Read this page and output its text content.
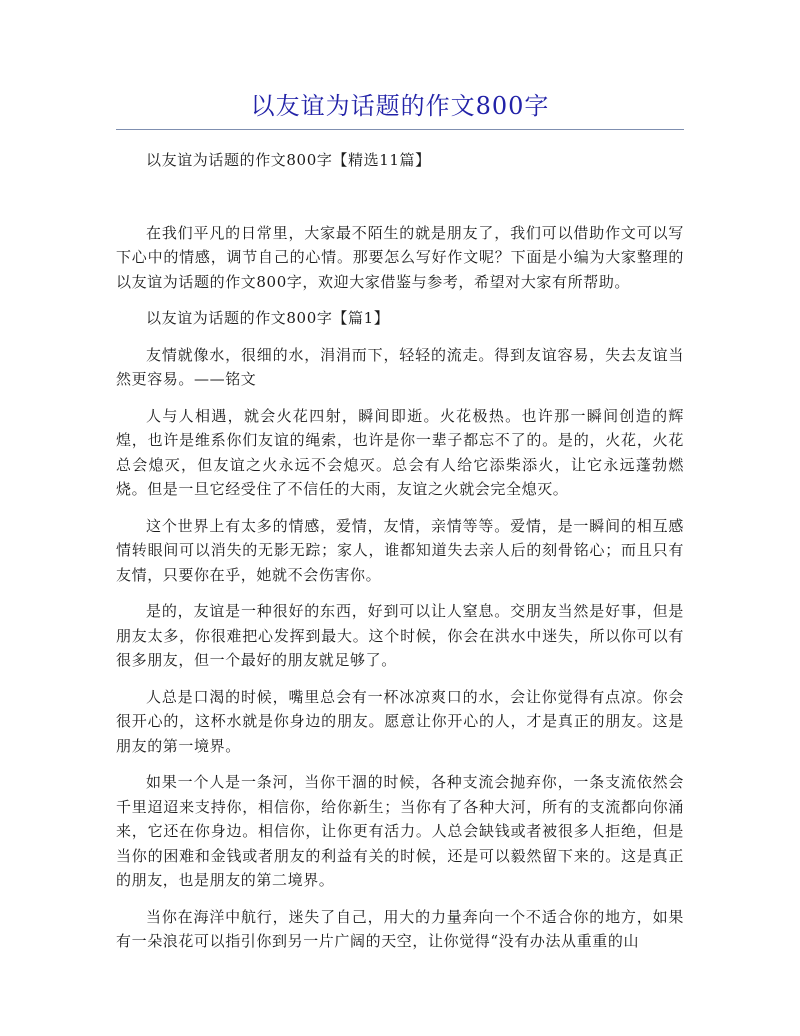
以友谊为话题的作文800字

以友谊为话题的作文800字【精选11篇】

在我们平凡的日常里，大家最不陌生的就是朋友了，我们可以借助作文可以写下心中的情感，调节自己的心情。那要怎么写好作文呢？下面是小编为大家整理的以友谊为话题的作文800字，欢迎大家借鉴与参考，希望对大家有所帮助。

以友谊为话题的作文800字【篇1】

友情就像水，很细的水，涓涓而下，轻轻的流走。得到友谊容易，失去友谊当然更容易。——铭文

人与人相遇，就会火花四射，瞬间即逝。火花极热。也许那一瞬间创造的辉煌，也许是维系你们友谊的绳索，也许是你一辈子都忘不了的。是的，火花，火花总会熄灭，但友谊之火永远不会熄灭。总会有人给它添柴添火，让它永远蓬勃燃烧。但是一旦它经受住了不信任的大雨，友谊之火就会完全熄灭。

这个世界上有太多的情感，爱情，友情，亲情等等。爱情，是一瞬间的相互感情转眼间可以消失的无影无踪；家人，谁都知道失去亲人后的刻骨铭心；而且只有友情，只要你在乎，她就不会伤害你。

是的，友谊是一种很好的东西，好到可以让人窒息。交朋友当然是好事，但是朋友太多，你很难把心发挥到最大。这个时候，你会在洪水中迷失，所以你可以有很多朋友，但一个最好的朋友就足够了。

人总是口渴的时候，嘴里总会有一杯冰凉爽口的水，会让你觉得有点凉。你会很开心的，这杯水就是你身边的朋友。愿意让你开心的人，才是真正的朋友。这是朋友的第一境界。

如果一个人是一条河，当你干涸的时候，各种支流会抛弃你，一条支流依然会千里迢迢来支持你，相信你，给你新生；当你有了各种大河，所有的支流都向你涌来，它还在你身边。相信你，让你更有活力。人总会缺钱或者被很多人拒绝，但是当你的困难和金钱或者朋友的利益有关的时候，还是可以毅然留下来的。这是真正的朋友，也是朋友的第二境界。

当你在海洋中航行，迷失了自己，用大的力量奔向一个不适合你的地方，如果有一朵浪花可以指引你到另一片广阔的天空，让你觉得“没有办法从重重的山
